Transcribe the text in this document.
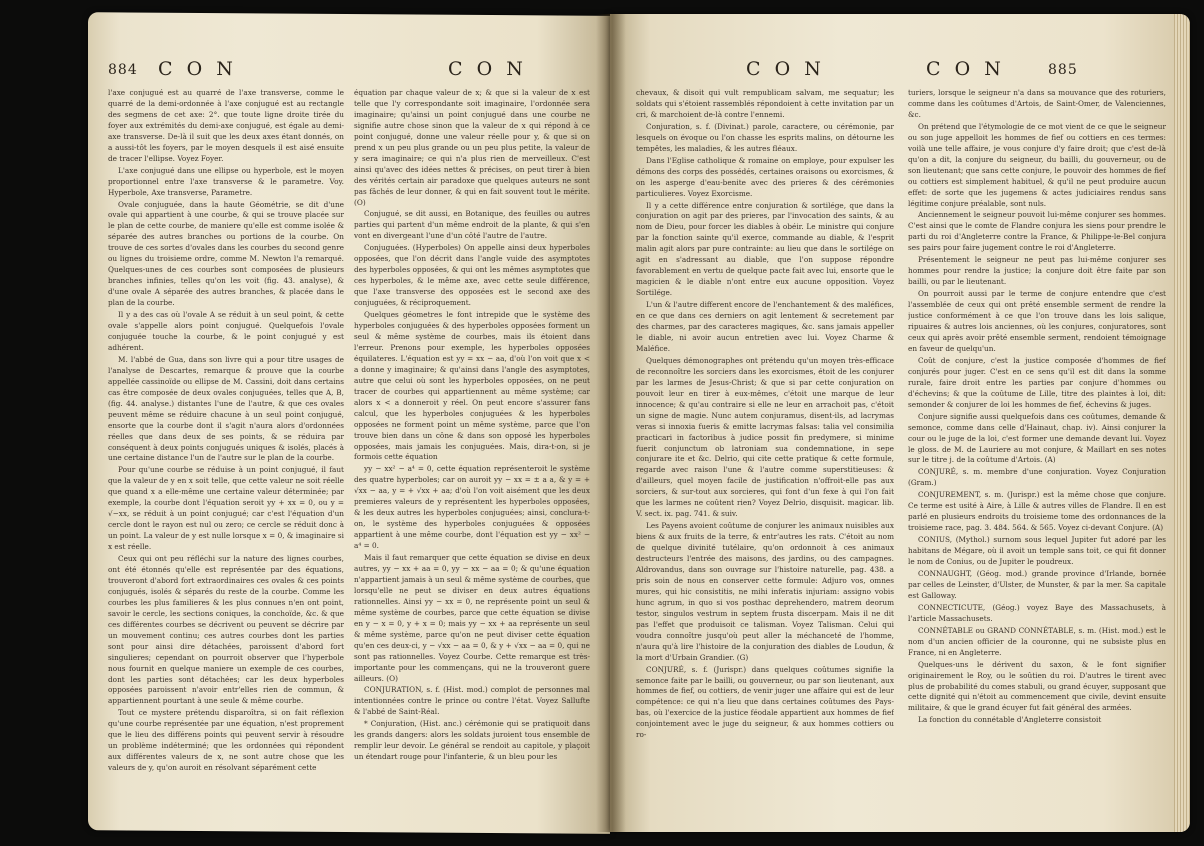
884 C O N	C O N	C O N	C O N	885

l'axe conjugué est au quarré de l'axe transverse, comme le quarré de la demi-ordonnée à l'axe conjugué est au rectangle des segmens de cet axe: 2°. que toute ligne droite tirée du foyer aux extrémités du demi-axe conjugué, est égale au demi-axe transverse. De-là il suit que les deux axes étant donnés, on a aussi-tôt les foyers, par le moyen desquels il est aisé ensuite de tracer l'ellipse. Voyez Foyer.

L'axe conjugué dans une ellipse ou hyperbole, est le moyen proportionnel entre l'axe transverse & le parametre. Voy. Hyperbole, Axe transverse, Parametre.

Ovale conjuguée, dans la haute Géométrie, se dit d'une ovale qui appartient à une courbe, & qui se trouve placée sur le plan de cette courbe, de maniere qu'elle est comme isolée & séparée des autres branches ou portions de la courbe. On trouve de ces sortes d'ovales dans les courbes du second genre ou lignes du troisieme ordre, comme M. Newton l'a remarqué. Quelques-unes de ces courbes sont composées de plusieurs branches infinies, telles qu'on les voit (fig. 43. analyse), & d'une ovale A séparée des autres branches, & placée dans le plan de la courbe.

Il y a des cas où l'ovale A se réduit à un seul point, & cette ovale s'appelle alors point conjugué. Quelquefois l'ovale conjuguée touche la courbe, & le point conjugué y est adhérent.

M. l'abbé de Gua, dans son livre qui a pour titre usages de l'analyse de Descartes, remarque & prouve que la courbe appellée cassinoïde ou ellipse de M. Cassini, doit dans certains cas être composée de deux ovales conjuguées, telles que A, B, (fig. 44. analyse.) distantes l'une de l'autre, & que ces ovales peuvent même se réduire chacune à un seul point conjugué, ensorte que la courbe dont il s'agit n'aura alors d'ordonnées réelles que dans deux de ses points, & se réduira par conséquent à deux points conjugués uniques & isolés, placés à une certaine distance l'un de l'autre sur le plan de la courbe.

Pour qu'une courbe se réduise à un point conjugué, il faut que la valeur de y en x soit telle, que cette valeur ne soit réelle que quand x a elle-même une certaine valeur déterminée; par exemple, la courbe dont l'équation seroit yy + xx = 0, ou y = √−xx, se réduit à un point conjugué; car c'est l'équation d'un cercle dont le rayon est nul ou zero; ce cercle se réduit donc à un point. La valeur de y est nulle lorsque x = 0, & imaginaire si x est réelle.

Ceux qui ont peu réfléchi sur la nature des lignes courbes, ont été étonnés qu'elle est représentée par des équations, trouveront d'abord fort extraordinaires ces ovales & ces points conjugués, isolés & séparés du reste de la courbe. Comme les courbes les plus familieres & les plus connues n'en ont point, savoir le cercle, les sections coniques, la conchoïde, &c. & que ces différentes courbes se décrivent ou peuvent se décrire par un mouvement continu; ces autres courbes dont les parties sont pour ainsi dire détachées, paroissent d'abord fort singulieres; cependant on pourroit observer que l'hyperbole nous fournit en quelque maniere un exemple de ces courbes, dont les parties sont détachées; car les deux hyperboles opposées paroissent n'avoir entr'elles rien de commun, & appartiennent pourtant à une seule & même courbe.

Tout ce mystere prétendu disparoîtra, si on fait réflexion qu'une courbe représentée par une équation, n'est proprement que le lieu des différens points qui peuvent servir à résoudre un problème indéterminé; que les ordonnées qui répondent aux différentes valeurs de x, ne sont autre chose que les valeurs de y, qu'on auroit en résolvant séparément cette

équation par chaque valeur de x; & que si la valeur de x est telle que l'y correspondante soit imaginaire, l'ordonnée sera imaginaire; qu'ainsi un point conjugué dans une courbe ne signifie autre chose sinon que la valeur de x qui répond à ce point conjugué, donne une valeur réelle pour y, & que si on prend x un peu plus grande ou un peu plus petite, la valeur de y sera imaginaire; ce qui n'a plus rien de merveilleux. C'est ainsi qu'avec des idées nettes & précises, on peut tirer à bien des vérités certain air paradoxe que quelques auteurs ne sont pas fâchés de leur donner, & qui en fait souvent tout le mérite. (O)

Conjugué, se dit aussi, en Botanique, des feuilles ou autres parties qui partent d'un même endroit de la plante, & qui s'en vont en divergeant l'une d'un côté l'autre de l'autre.

Conjuguées. (Hyperboles) On appelle ainsi deux hyperboles opposées, que l'on décrit dans l'angle vuide des asymptotes des hyperboles opposées, & qui ont les mêmes asymptotes que ces hyperboles, & le même axe, avec cette seule différence, que l'axe transverse des opposées est le second axe des conjuguées, & réciproquement.

Quelques géometres le font intrepide que le système des hyperboles conjuguées & des hyperboles opposées forment un seul & même système de courbes, mais ils étoient dans l'erreur. Prenons pour exemple, les hyperboles opposées équilateres. L'équation est yy = xx − aa, d'où l'on voit que x < a donne y imaginaire; & qu'ainsi dans l'angle des asymptotes, autre que celui où sont les hyperboles opposées, on ne peut tracer de courbes qui appartiennent au même système; car alors x < a donneroit y réel. On peut encore s'assurer fans calcul, que les hyperboles conjuguées & les hyperboles opposées ne forment point un même système, parce que l'on trouve bien dans un cône & dans son opposé les hyperboles opposées, mais jamais les conjuguées. Mais, dira-t-on, si je formois cette équation

yy − xx² − a⁴ = 0, cette équation représenteroit le système des quatre hyperboles; car on auroit yy − xx = ± a a, & y = + √xx − aa, y = + √xx + aa; d'où l'on voit aisément que les deux premieres valeurs de y représentent les hyperboles opposées, & les deux autres les hyperboles conjuguées; ainsi, conclura-t-on, le système des hyperboles conjuguées & opposées appartient à une même courbe, dont l'équation est yy − xx² − a⁴ = 0.

Mais il faut remarquer que cette équation se divise en deux autres, yy − xx + aa = 0, yy − xx − aa = 0; & qu'une équation n'appartient jamais à un seul & même système de courbes, que lorsqu'elle ne peut se diviser en deux autres équations rationnelles. Ainsi yy − xx = 0, ne représente point un seul & même système de courbes, parce que cette équation se divise en y − x = 0, y + x = 0; mais yy − xx + aa représente un seul & même système, parce qu'on ne peut diviser cette équation qu'en ces deux-ci, y − √xx − aa = 0, & y + √xx − aa = 0, qui ne sont pas rationnelles. Voyez Courbe. Cette remarque est très-importante pour les commençans, qui ne la trouveront guere ailleurs. (O)

CONJURATION, s. f. (Hist. mod.) complot de personnes mal intentionnées contre le prince ou contre l'état. Voyez Sallufte & l'abbé de Saint-Réal.

* Conjuration, (Hist. anc.) cérémonie qui se pratiquoit dans les grands dangers: alors les soldats juroient tous ensemble de remplir leur devoir. Le général se rendoit au capitole, y plaçoit un étendart rouge pour l'infanterie, & un bleu pour les

chevaux, & disoit qui vult rempublicam salvam, me sequatur; les soldats qui s'étoient rassemblés répondoient à cette invitation par un cri, & marchoient de-là contre l'ennemi.

Conjuration, s. f. (Divinat.) parole, caractere, ou cérémonie, par lesquels on évoque ou l'on chasse les esprits malins, on détourne les tempêtes, les maladies, & les autres fléaux.

Dans l'Eglise catholique & romaine on employe, pour expulser les démons des corps des possédés, certaines oraisons ou exorcismes, & on les asperge d'eau-benite avec des prieres & des cérémonies particulieres. Voyez Exorcisme.

Il y a cette différence entre conjuration & sortilége, que dans la conjuration on agit par des prieres, par l'invocation des saints, & au nom de Dieu, pour forcer les diables à obéir. Le ministre qui conjure par la fonction sainte qu'il exerce, commande au diable, & l'esprit malin agit alors par pure contrainte: au lieu que dans le sortilége on agit en s'adressant au diable, que l'on suppose répondre favorablement en vertu de quelque pacte fait avec lui, ensorte que le magicien & le diable n'ont entre eux aucune opposition. Voyez Sortilége.

L'un & l'autre different encore de l'enchantement & des maléfices, en ce que dans ces derniers on agit lentement & secretement par des charmes, par des caracteres magiques, &c. sans jamais appeller le diable, ni avoir aucun entretien avec lui. Voyez Charme & Maléfice.

Quelques démonographes ont prétendu qu'un moyen très-efficace de reconnoître les sorciers dans les exorcismes, étoit de les conjurer par les larmes de Jesus-Christ; & que si par cette conjuration on pouvoit leur en tirer à eux-mêmes, c'étoit une marque de leur innocence; & qu'au contraire si elle ne leur en arrachoit pas, c'étoit un signe de magie. Nunc autem conjuramus, disent-ils, ad lacrymas veras si innoxia fueris & emitte lacrymas falsas: talia vel consimilia practicari in factoribus à judice possit fin predymere, si minime fuerit conjunctum ob latroniam sua condemnatione, in sepe conjurare ite et &c. Delrio, qui cite cette pratique & cette formule, regarde avec raison l'une & l'autre comme superstitieuses: & d'ailleurs, quel moyen facile de justification n'offroit-elle pas aux sorciers, & sur-tout aux sorcieres, qui font d'un fexe à qui l'on fait que les larmes ne coûtent rien? Voyez Delrio, disquisit. magicar. lib. V. sect. ix. pag. 741. & suiv.

Les Payens avoient coûtume de conjurer les animaux nuisibles aux biens & aux fruits de la terre, & entr'autres les rats. C'étoit au nom de quelque divinité tutélaire, qu'on ordonnoit à ces animaux destructeurs l'entrée des maisons, des jardins, ou des campagnes. Aldrovandus, dans son ouvrage sur l'histoire naturelle, pag. 438. a pris soin de nous en conserver cette formule: Adjuro vos, omnes mures, qui hic consistitis, ne mihi inferatis injuriam: assigno vobis hunc agrum, in quo si vos posthac deprehendero, matrem deorum testor, singulos vestrum in septem frusta discerpam. Mais il ne dit pas l'effet que produisoit ce talisman. Voyez Talisman. Celui qui voudra connoître jusqu'où peut aller la méchanceté de l'homme, n'aura qu'à lire l'histoire de la conjuration des diables de Loudun, & la mort d'Urbain Grandier. (G)

CONJURÉ, s. f. (Jurispr.) dans quelques coûtumes signifie la semonce faite par le bailli, ou gouverneur, ou par son lieutenant, aux hommes de fief, ou cottiers, de venir juger une affaire qui est de leur compétence: ce qui n'a lieu que dans certaines coûtumes des Pays-bas, où l'exercice de la justice féodale appartient aux hommes de fief conjointement avec le juge du seigneur, & aux hommes cottiers ou ro-

turiers, lorsque le seigneur n'a dans sa mouvance que des roturiers, comme dans les coûtumes d'Artois, de Saint-Omer, de Valenciennes, &c.

On prétend que l'étymologie de ce mot vient de ce que le seigneur ou son juge appelloit les hommes de fief ou cottiers en ces termes: voilà une telle affaire, je vous conjure d'y faire droit; que c'est de-là qu'on a dit, la conjure du seigneur, du bailli, du gouverneur, ou de son lieutenant; que sans cette conjure, le pouvoir des hommes de fief ou cottiers est simplement habituel, & qu'il ne peut produire aucun effet: de sorte que les jugemens & actes judiciaires rendus sans légitime conjure préalable, sont nuls.

Anciennement le seigneur pouvoit lui-même conjurer ses hommes. C'est ainsi que le comte de Flandre conjura les siens pour prendre le parti du roi d'Angleterre contre la France, & Philippe-le-Bel conjura ses pairs pour faire jugement contre le roi d'Angleterre.

Présentement le seigneur ne peut pas lui-même conjurer ses hommes pour rendre la justice; la conjure doit être faite par son bailli, ou par le lieutenant.

On pourroit aussi par le terme de conjure entendre que c'est l'assemblée de ceux qui ont prêté ensemble serment de rendre la justice conformément à ce que l'on trouve dans les lois salique, ripuaires & autres lois anciennes, où les conjures, conjuratores, sont ceux qui après avoir prêté ensemble serment, rendoient témoignage en faveur de quelqu'un.

Coût de conjure, c'est la justice composée d'hommes de fief conjurés pour juger. C'est en ce sens qu'il est dit dans la somme rurale, faire droit entre les parties par conjure d'hommes ou d'échevins; & que la coûtume de Lille, titre des plaintes à loi, dit: semonder & conjurer de loi les hommes de fief, échevins & juges.

Conjure signifie aussi quelquefois dans ces coûtumes, demande & semonce, comme dans celle d'Hainaut, chap. iv). Ainsi conjurer la cour ou le juge de la loi, c'est former une demande devant lui. Voyez le gloss. de M. de Lauriere au mot conjure, & Maillart en ses notes sur le titre j. de la coûtume d'Artois. (A)

CONJURÉ, s. m. membre d'une conjuration. Voyez Conjuration (Gram.)

CONJUREMENT, s. m. (Jurispr.) est la même chose que conjure. Ce terme est usité à Aire, à Lille & autres villes de Flandre. Il en est parlé en plusieurs endroits du troisieme tome des ordonnances de la troisieme race, pag. 3. 484. 564. & 565. Voyez ci-devant Conjure. (A)

CONIUS, (Mythol.) surnom sous lequel Jupiter fut adoré par les habitans de Mégare, où il avoit un temple sans toit, ce qui fit donner le nom de Conius, ou de Jupiter le poudreux.

CONNAUGHT, (Géog. mod.) grande province d'Irlande, bornée par celles de Leinster, d'Ulster, de Munster, & par la mer. Sa capitale est Galloway.

CONNECTICUTE, (Géog.) voyez Baye des Massachusets, à l'article Massachusets.

CONNÉTABLE ou GRAND CONNÉTABLE, s. m. (Hist. mod.) est le nom d'un ancien officier de la couronne, qui ne subsiste plus en France, ni en Angleterre.

Quelques-uns le dérivent du saxon, & le font signifier originairement le Roy, ou le soûtien du roi. D'autres le tirent avec plus de probabilité du comes stabuli, ou grand écuyer, supposant que cette dignité qui n'étoit au commencement que civile, devint ensuite militaire, & que le grand écuyer fut fait général des armées.

La fonction du connétable d'Angleterre consistoit
